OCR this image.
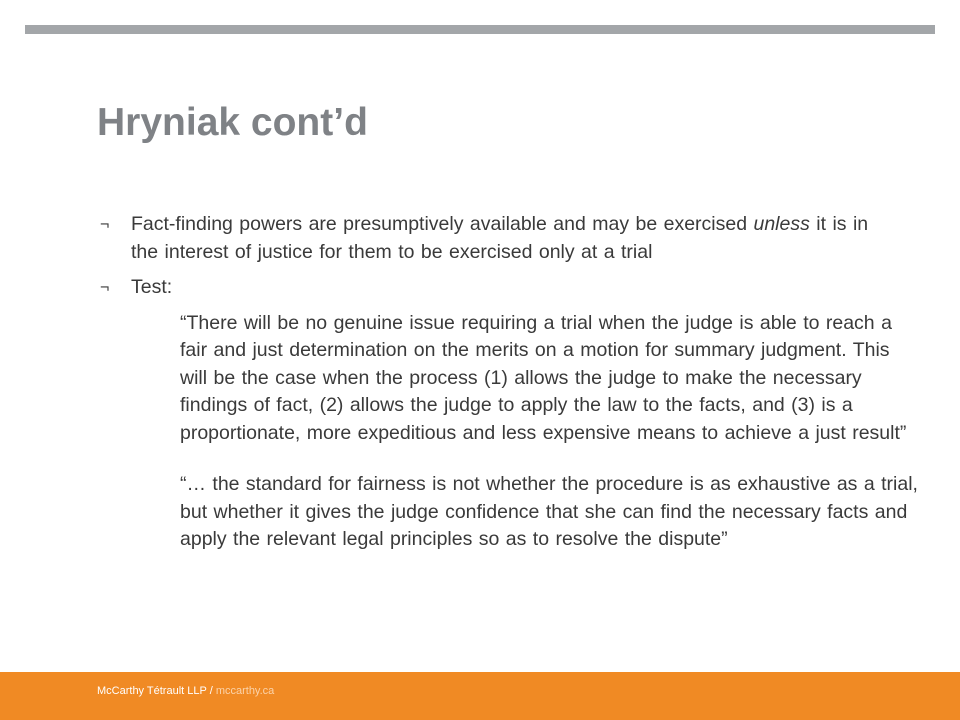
Hryniak cont’d
¬ Fact-finding powers are presumptively available and may be exercised unless it is in the interest of justice for them to be exercised only at a trial
¬ Test:

“There will be no genuine issue requiring a trial when the judge is able to reach a fair and just determination on the merits on a motion for summary judgment. This will be the case when the process (1) allows the judge to make the necessary findings of fact, (2) allows the judge to apply the law to the facts, and (3) is a proportionate, more expeditious and less expensive means to achieve a just result”

“… the standard for fairness is not whether the procedure is as exhaustive as a trial, but whether it gives the judge confidence that she can find the necessary facts and apply the relevant legal principles so as to resolve the dispute”

McCarthy Tétrault LLP / mccarthy.ca
